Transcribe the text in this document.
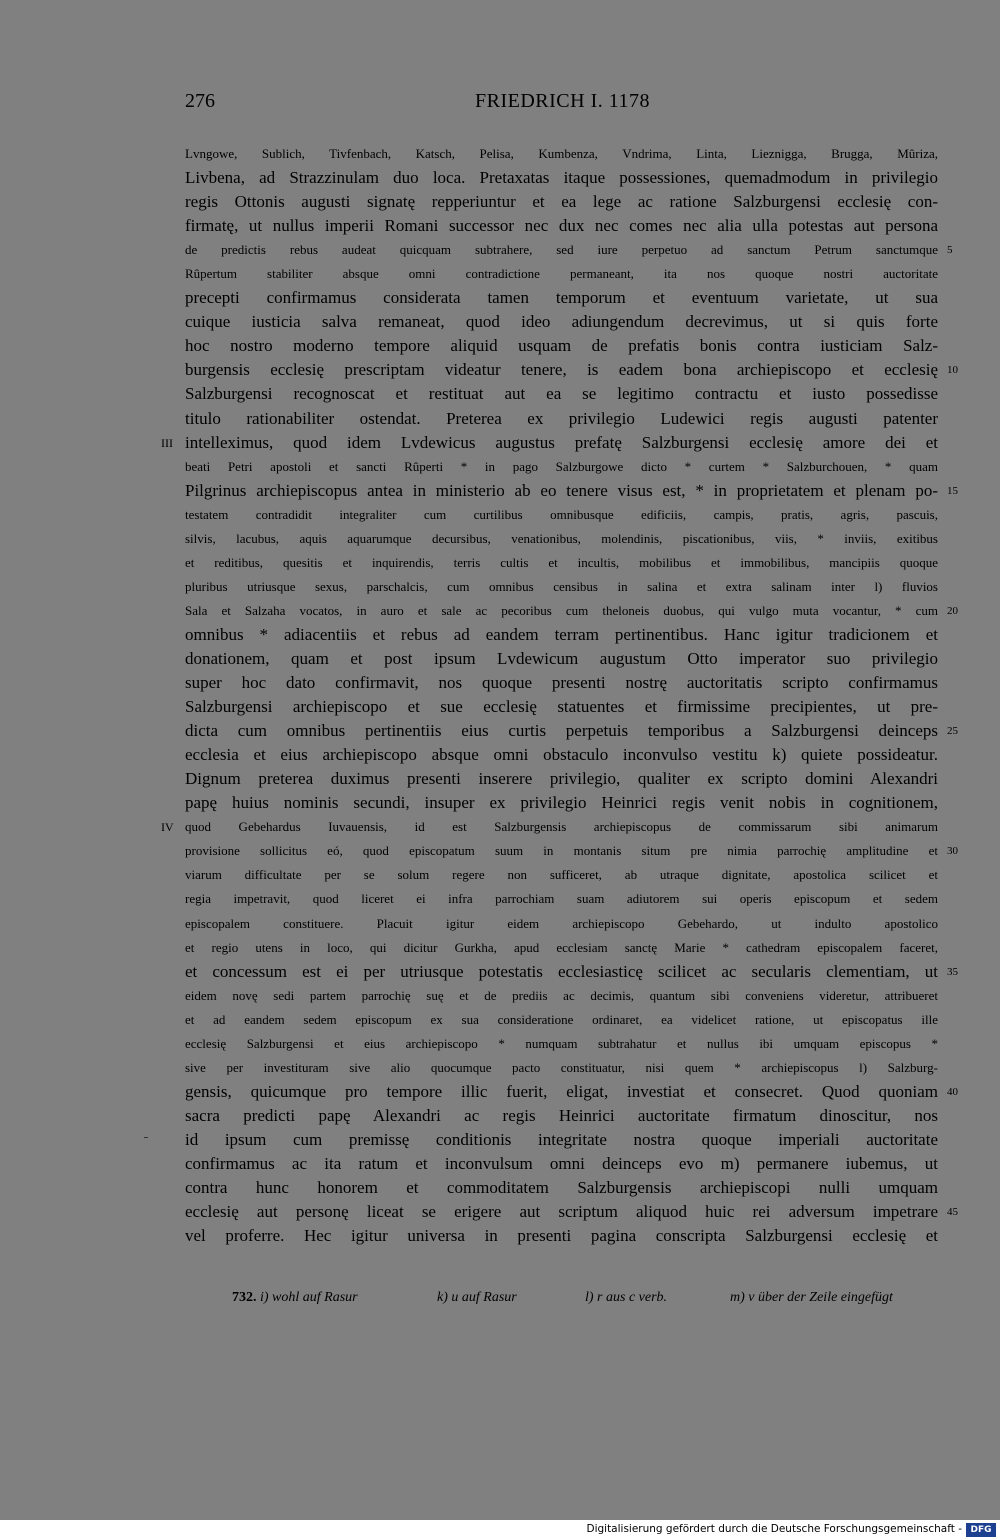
276	FRIEDRICH I. 1178
Lvngowe, Sublich, Tivfenbach, Katsch, Pelisa, Kumbenza, Vndrima, Linta, Lieznigga, Brugga, Mûriza,
Livbena, ad Strazzinulam duo loca. Pretaxatas itaque possessiones, quemadmodum in privilegio
regis Ottonis augusti signatę repperiuntur et ea lege ac ratione Salzburgensi ecclesię con-
firmatę, ut nullus imperii Romani successor nec dux nec comes nec alia ulla potestas aut persona
de predictis rebus audeat quicquam subtrahere, sed iure perpetuo ad sanctum Petrum sanctumque 5
Rûpertum stabiliter absque omni contradictione permaneant, ita nos quoque nostri auctoritate
precepti confirmamus considerata tamen temporum et eventuum varietate, ut sua
cuique iusticia salva remaneat, quod ideo adiungendum decrevimus, ut si quis forte
hoc nostro moderno tempore aliquid usquam de prefatis bonis contra iusticiam Salz-
burgensis ecclesię prescriptam videatur tenere, is eadem bona archiepiscopo et ecclesię 10
Salzburgensi recognoscat et restituat aut ea se legitimo contractu et iusto possedisse
titulo rationabiliter ostendat. Preterea ex privilegio Ludewici regis augusti patenter
intelleximus, quod idem Lvdewicus augustus prefatę Salzburgensi ecclesię amore dei et
III
beati Petri apostoli et sancti Rûperti * in pago Salzburgowe dicto * curtem * Salzburchouen, * quam
Pilgrinus archiepiscopus antea in ministerio ab eo tenere visus est, * in proprietatem et plenam po- 15
testatem contradidit integraliter cum curtilibus omnibusque edificiis, campis, pratis, agris, pascuis,
silvis, lacubus, aquis aquarumque decursibus, venationibus, molendinis, piscationibus, viis, * inviis, exitibus
et reditibus, quesitis et inquirendis, terris cultis et incultis, mobilibus et immobilibus, mancipiis quoque
pluribus utriusque sexus, parschalcis, cum omnibus censibus in salina et extra salinam inter l) fluvios
Sala et Salzaha vocatos, in auro et sale ac pecoribus cum theloneis duobus, qui vulgo muta vocantur, * cum 20
omnibus * adiacentiis et rebus ad eandem terram pertinentibus. Hanc igitur tradicionem et
donationem, quam et post ipsum Lvdewicum augustum Otto imperator suo privilegio
super hoc dato confirmavit, nos quoque presenti nostrę auctoritatis scripto confirmamus
Salzburgensi archiepiscopo et sue ecclesię statuentes et firmissime precipientes, ut pre-
dicta cum omnibus pertinentiis eius curtis perpetuis temporibus a Salzburgensi deinceps 25
ecclesia et eius archiepiscopo absque omni obstaculo inconvulso vestitu k) quiete possideatur.
Dignum preterea duximus presenti inserere privilegio, qualiter ex scripto domini Alexandri
papę huius nominis secundi, insuper ex privilegio Heinrici regis venit nobis in cognitionem,
quod Gebehardus Iuvauensis, id est Salzburgensis archiepiscopus de commissarum sibi animarum
IV
provisione sollicitus eó, quod episcopatum suum in montanis situm pre nimia parrochię amplitudine et 30
viarum difficultate per se solum regere non sufficeret, ab utraque dignitate, apostolica scilicet et
regia impetravit, quod liceret ei infra parrochiam suam adiutorem sui operis episcopum et sedem
episcopalem constituere. Placuit igitur eidem archiepiscopo Gebehardo, ut indulto apostolico
et regio utens in loco, qui dicitur Gurkha, apud ecclesiam sanctę Marie * cathedram episcopalem faceret,
et concessum est ei per utriusque potestatis ecclesiasticę scilicet ac secularis clementiam, ut 35
eidem novę sedi partem parrochię suę et de prediis ac decimis, quantum sibi conveniens videretur, attribueret
et ad eandem sedem episcopum ex sua consideratione ordinaret, ea videlicet ratione, ut episcopatus ille
ecclesię Salzburgensi et eius archiepiscopo * numquam subtrahatur et nullus ibi umquam episcopus *
sive per investituram sive alio quocumque pacto constituatur, nisi quem * archiepiscopus l) Salzburg-
gensis, quicumque pro tempore illic fuerit, eligat, investiat et consecret. Quod quoniam 40
sacra predicti papę Alexandri ac regis Heinrici auctoritate firmatum dinoscitur, nos
id ipsum cum premissę conditionis integritate nostra quoque imperiali auctoritate
confirmamus ac ita ratum et inconvulsum omni deinceps evo m) permanere iubemus, ut
contra hunc honorem et commoditatem Salzburgensis archiepiscopi nulli umquam
ecclesię aut personę liceat se erigere aut scriptum aliquod huic rei adversum impetrare 45
vel proferre. Hec igitur universa in presenti pagina conscripta Salzburgensi ecclesię et
732. i) wohl auf Rasur	k) u auf Rasur	l) r aus c verb.	m) v über der Zeile eingefügt
Digitalisierung gefördert durch die Deutsche Forschungsgemeinschaft - DFG
